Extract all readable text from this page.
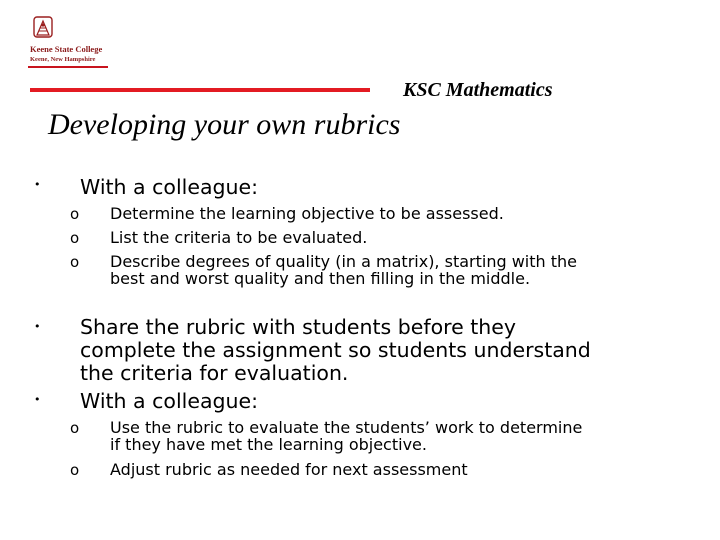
Keene State College
Keene, New Hampshire
KSC Mathematics
Developing your own rubrics
• With a colleague:
o Determine the learning objective to be assessed.
o List the criteria to be evaluated.
o Describe degrees of quality (in a matrix), starting with the best and worst quality and then filling in the middle.
• Share the rubric with students before they complete the assignment so students understand the criteria for evaluation.
• With a colleague:
o Use the rubric to evaluate the students’ work to determine if they have met the learning objective.
o Adjust rubric as needed for next assessment
